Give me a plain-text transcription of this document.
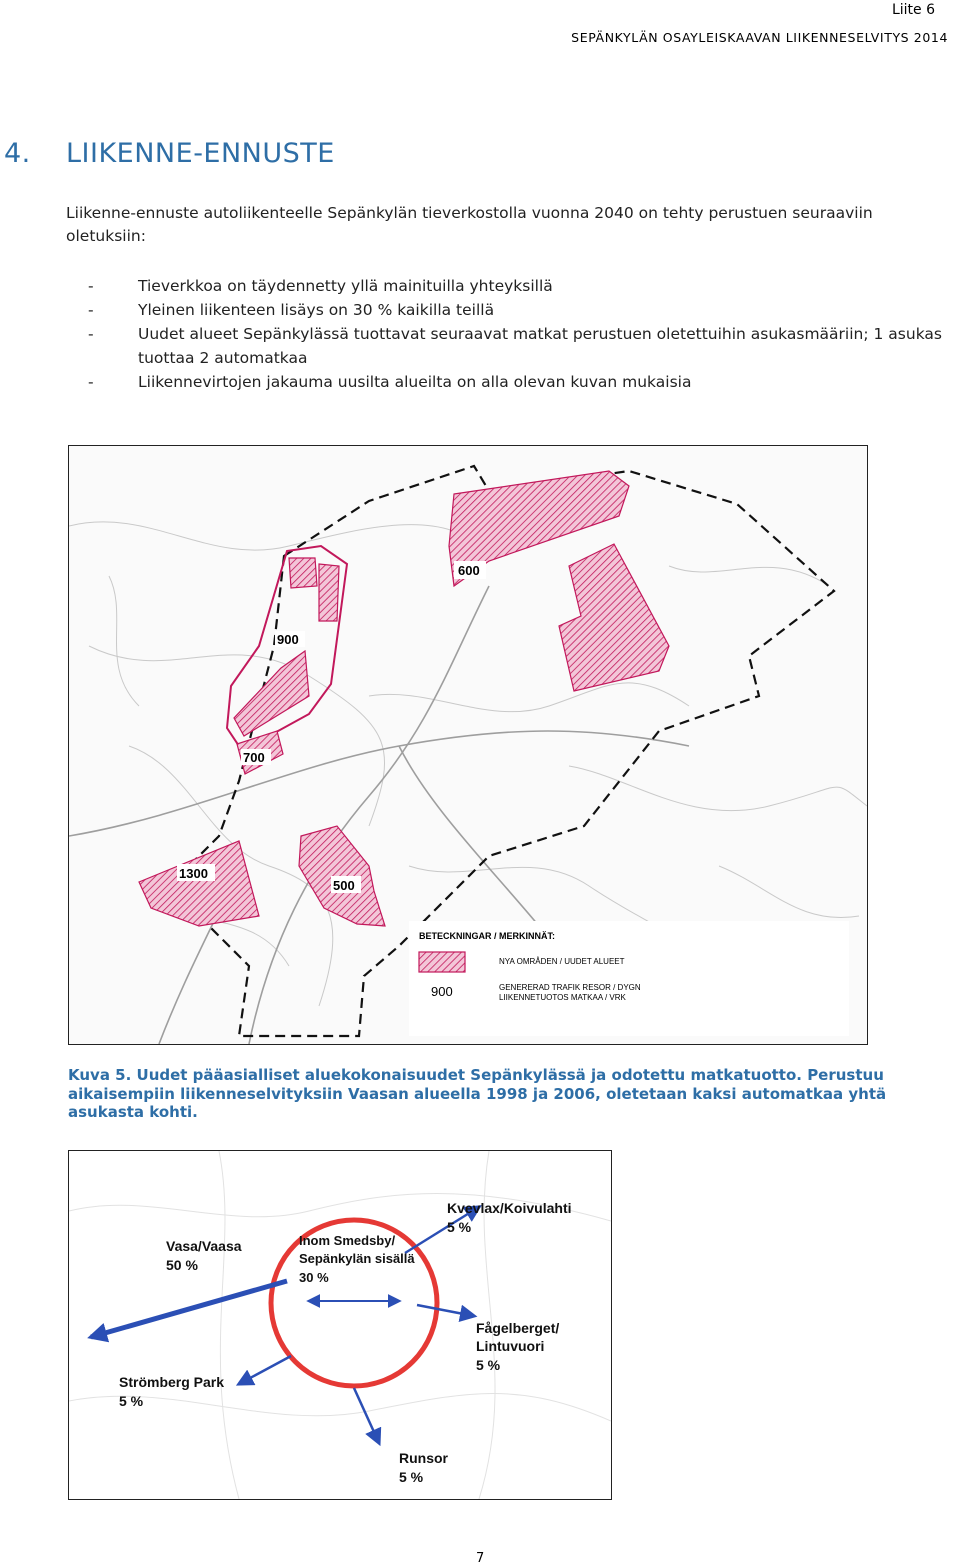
Liite 6
SEPÄNKYLÄN OSAYLEISKAAVAN LIIKENNESELVITYS 2014
4. LIIKENNE-ENNUSTE
Liikenne-ennuste autoliikenteelle Sepänkylän tieverkostolla vuonna 2040 on tehty perustuen seuraaviin oletuksiin:
- Tieverkkoa on täydennetty yllä mainituilla yhteyksillä
- Yleinen liikenteen lisäys on 30 % kaikilla teillä
- Uudet alueet Sepänkylässä tuottavat seuraavat matkat perustuen oletettuihin asukasmääriin; 1 asukas tuottaa 2 automatkaa
- Liikennevirtojen jakauma uusilta alueilta on alla olevan kuvan mukaisia
600
900
700
1300
500
BETECKNINGAR / MERKINNÄT:
NYA OMRÅDEN / UUDET ALUEET
900	GENERERAD TRAFIK RESOR / DYGN
LIIKENNETUOTOS MATKAA / VRK
Kuva 5. Uudet pääasialliset aluekokonaisuudet Sepänkylässä ja odotettu matkatuotto. Perustuu aikaisempiin liikenneselvityksiin Vaasan alueella 1998 ja 2006, oletetaan kaksi automatkaa yhtä asukasta kohti.
Vasa/Vaasa
50 %
Inom Smedsby/
Sepänkylän sisällä
30 %
Kvevlax/Koivulahti
5 %
Fågelberget/
Lintuvuori
5 %
Strömberg Park
5 %
Runsor
5 %
7
